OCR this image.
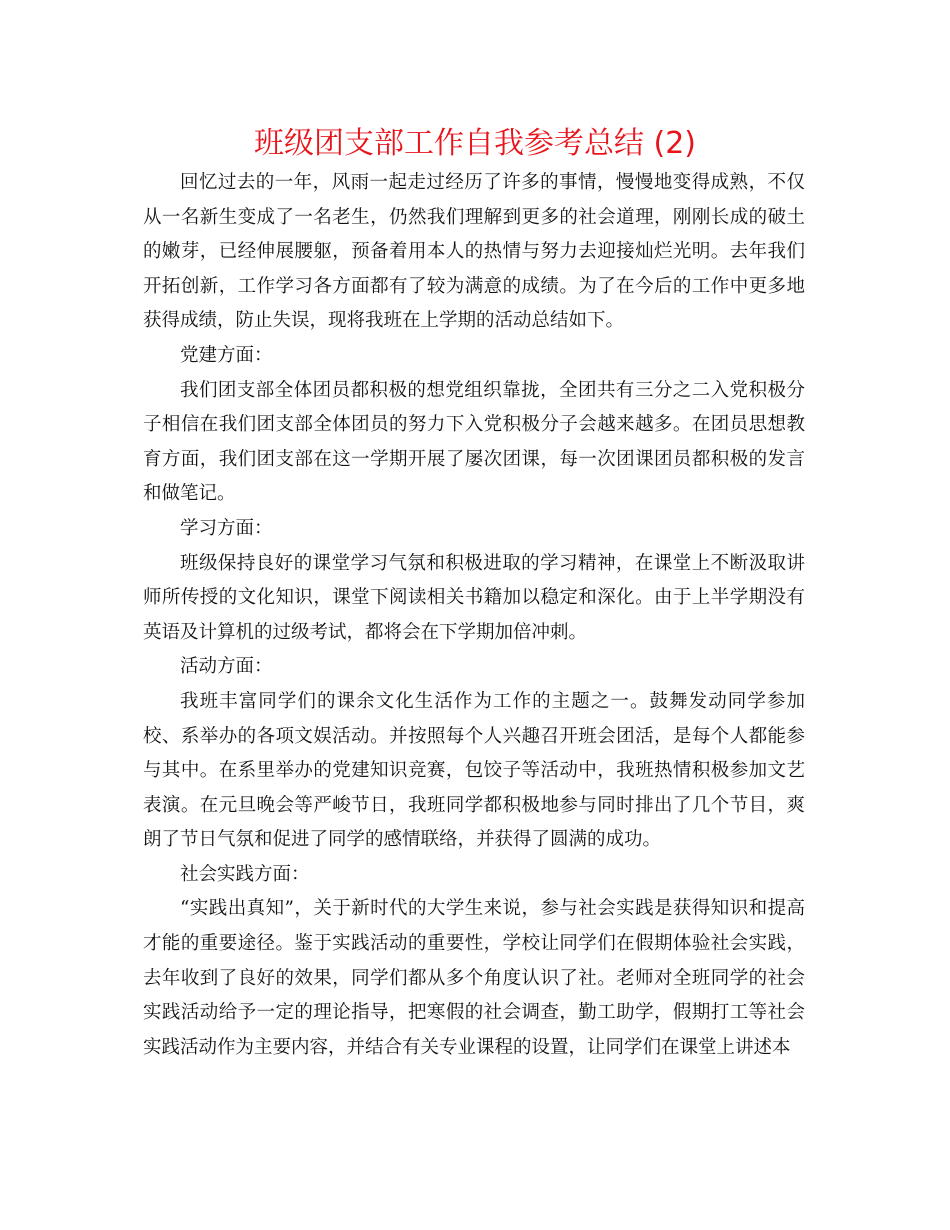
班级团支部工作自我参考总结 (2)

回忆过去的一年，风雨一起走过经历了许多的事情，慢慢地变得成熟，不仅从一名新生变成了一名老生，仍然我们理解到更多的社会道理，刚刚长成的破土的嫩芽，已经伸展腰躯，预备着用本人的热情与努力去迎接灿烂光明。去年我们开拓创新，工作学习各方面都有了较为满意的成绩。为了在今后的工作中更多地获得成绩，防止失误，现将我班在上学期的活动总结如下。

党建方面：

我们团支部全体团员都积极的想党组织靠拢，全团共有三分之二入党积极分子相信在我们团支部全体团员的努力下入党积极分子会越来越多。在团员思想教育方面，我们团支部在这一学期开展了屡次团课，每一次团课团员都积极的发言和做笔记。

学习方面：

班级保持良好的课堂学习气氛和积极进取的学习精神，在课堂上不断汲取讲师所传授的文化知识，课堂下阅读相关书籍加以稳定和深化。由于上半学期没有英语及计算机的过级考试，都将会在下学期加倍冲刺。

活动方面：

我班丰富同学们的课余文化生活作为工作的主题之一。鼓舞发动同学参加校、系举办的各项文娱活动。并按照每个人兴趣召开班会团活，是每个人都能参与其中。在系里举办的党建知识竞赛，包饺子等活动中，我班热情积极参加文艺表演。在元旦晚会等严峻节日，我班同学都积极地参与同时排出了几个节目，爽朗了节日气氛和促进了同学的感情联络，并获得了圆满的成功。

社会实践方面：

“实践出真知”，关于新时代的大学生来说，参与社会实践是获得知识和提高才能的重要途径。鉴于实践活动的重要性，学校让同学们在假期体验社会实践，去年收到了良好的效果，同学们都从多个角度认识了社。老师对全班同学的社会实践活动给予一定的理论指导，把寒假的社会调查，勤工助学，假期打工等社会实践活动作为主要内容，并结合有关专业课程的设置，让同学们在课堂上讲述本
